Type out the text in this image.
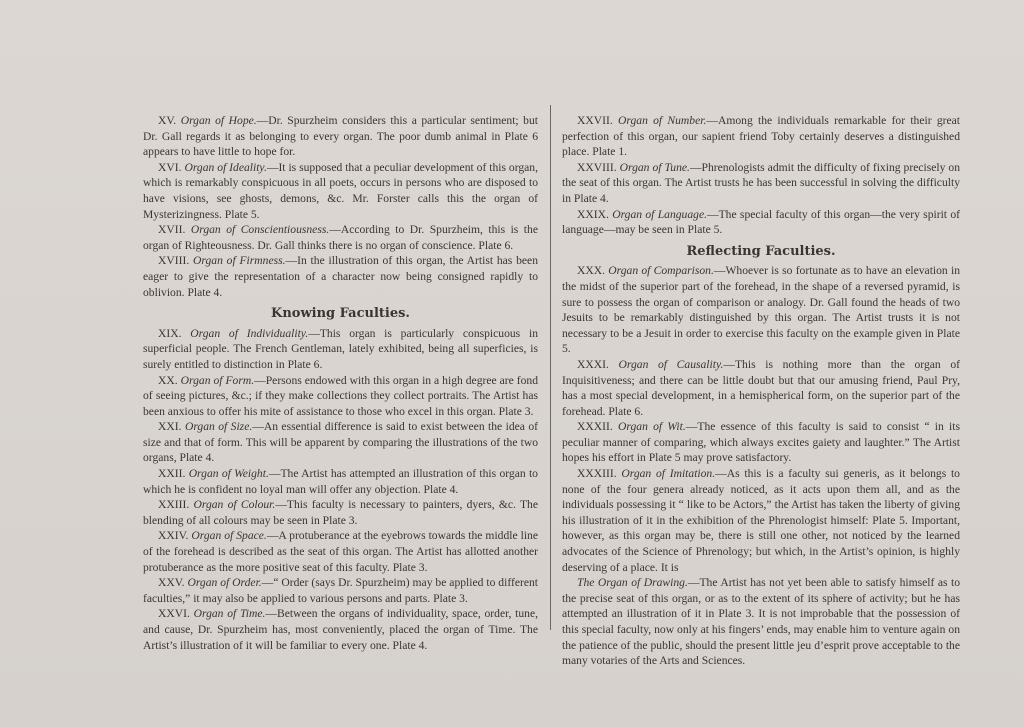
XV. Organ of Hope.—Dr. Spurzheim considers this a particular sentiment; but Dr. Gall regards it as belonging to every organ. The poor dumb animal in Plate 6 appears to have little to hope for.

XVI. Organ of Ideality.—It is supposed that a peculiar development of this organ, which is remarkably conspicuous in all poets, occurs in persons who are disposed to have visions, see ghosts, demons, &c. Mr. Forster calls this the organ of Mysterizingness. Plate 5.

XVII. Organ of Conscientiousness.—According to Dr. Spurzheim, this is the organ of Righteousness. Dr. Gall thinks there is no organ of conscience. Plate 6.

XVIII. Organ of Firmness.—In the illustration of this organ, the Artist has been eager to give the representation of a character now being consigned rapidly to oblivion. Plate 4.

Knowing Faculties.

XIX. Organ of Individuality.—This organ is particularly conspicuous in superficial people. The French Gentleman, lately exhibited, being all superficies, is surely entitled to distinction in Plate 6.

XX. Organ of Form.—Persons endowed with this organ in a high degree are fond of seeing pictures, &c.; if they make collections they collect portraits. The Artist has been anxious to offer his mite of assistance to those who excel in this organ. Plate 3.

XXI. Organ of Size.—An essential difference is said to exist between the idea of size and that of form. This will be apparent by comparing the illustrations of the two organs, Plate 4.

XXII. Organ of Weight.—The Artist has attempted an illustration of this organ to which he is confident no loyal man will offer any objection. Plate 4.

XXIII. Organ of Colour.—This faculty is necessary to painters, dyers, &c. The blending of all colours may be seen in Plate 3.

XXIV. Organ of Space.—A protuberance at the eyebrows towards the middle line of the forehead is described as the seat of this organ. The Artist has allotted another protuberance as the more positive seat of this faculty. Plate 3.

XXV. Organ of Order.—“ Order (says Dr. Spurzheim) may be applied to different faculties,” it may also be applied to various persons and parts. Plate 3.

XXVI. Organ of Time.—Between the organs of individuality, space, order, tune, and cause, Dr. Spurzheim has, most conveniently, placed the organ of Time. The Artist’s illustration of it will be familiar to every one. Plate 4.

XXVII. Organ of Number.—Among the individuals remarkable for their great perfection of this organ, our sapient friend Toby certainly deserves a distinguished place. Plate 1.

XXVIII. Organ of Tune.—Phrenologists admit the difficulty of fixing precisely on the seat of this organ. The Artist trusts he has been successful in solving the difficulty in Plate 4.

XXIX. Organ of Language.—The special faculty of this organ—the very spirit of language—may be seen in Plate 5.

Reflecting Faculties.

XXX. Organ of Comparison.—Whoever is so fortunate as to have an elevation in the midst of the superior part of the forehead, in the shape of a reversed pyramid, is sure to possess the organ of comparison or analogy. Dr. Gall found the heads of two Jesuits to be remarkably distinguished by this organ. The Artist trusts it is not necessary to be a Jesuit in order to exercise this faculty on the example given in Plate 5.

XXXI. Organ of Causality.—This is nothing more than the organ of Inquisitiveness; and there can be little doubt but that our amusing friend, Paul Pry, has a most special development, in a hemispherical form, on the superior part of the forehead. Plate 6.

XXXII. Organ of Wit.—The essence of this faculty is said to consist “ in its peculiar manner of comparing, which always excites gaiety and laughter.” The Artist hopes his effort in Plate 5 may prove satisfactory.

XXXIII. Organ of Imitation.—As this is a faculty sui generis, as it belongs to none of the four genera already noticed, as it acts upon them all, and as the individuals possessing it “ like to be Actors,” the Artist has taken the liberty of giving his illustration of it in the exhibition of the Phrenologist himself: Plate 5. Important, however, as this organ may be, there is still one other, not noticed by the learned advocates of the Science of Phrenology; but which, in the Artist’s opinion, is highly deserving of a place. It is

The Organ of Drawing.—The Artist has not yet been able to satisfy himself as to the precise seat of this organ, or as to the extent of its sphere of activity; but he has attempted an illustration of it in Plate 3. It is not improbable that the possession of this special faculty, now only at his fingers’ ends, may enable him to venture again on the patience of the public, should the present little jeu d’esprit prove acceptable to the many votaries of the Arts and Sciences.
